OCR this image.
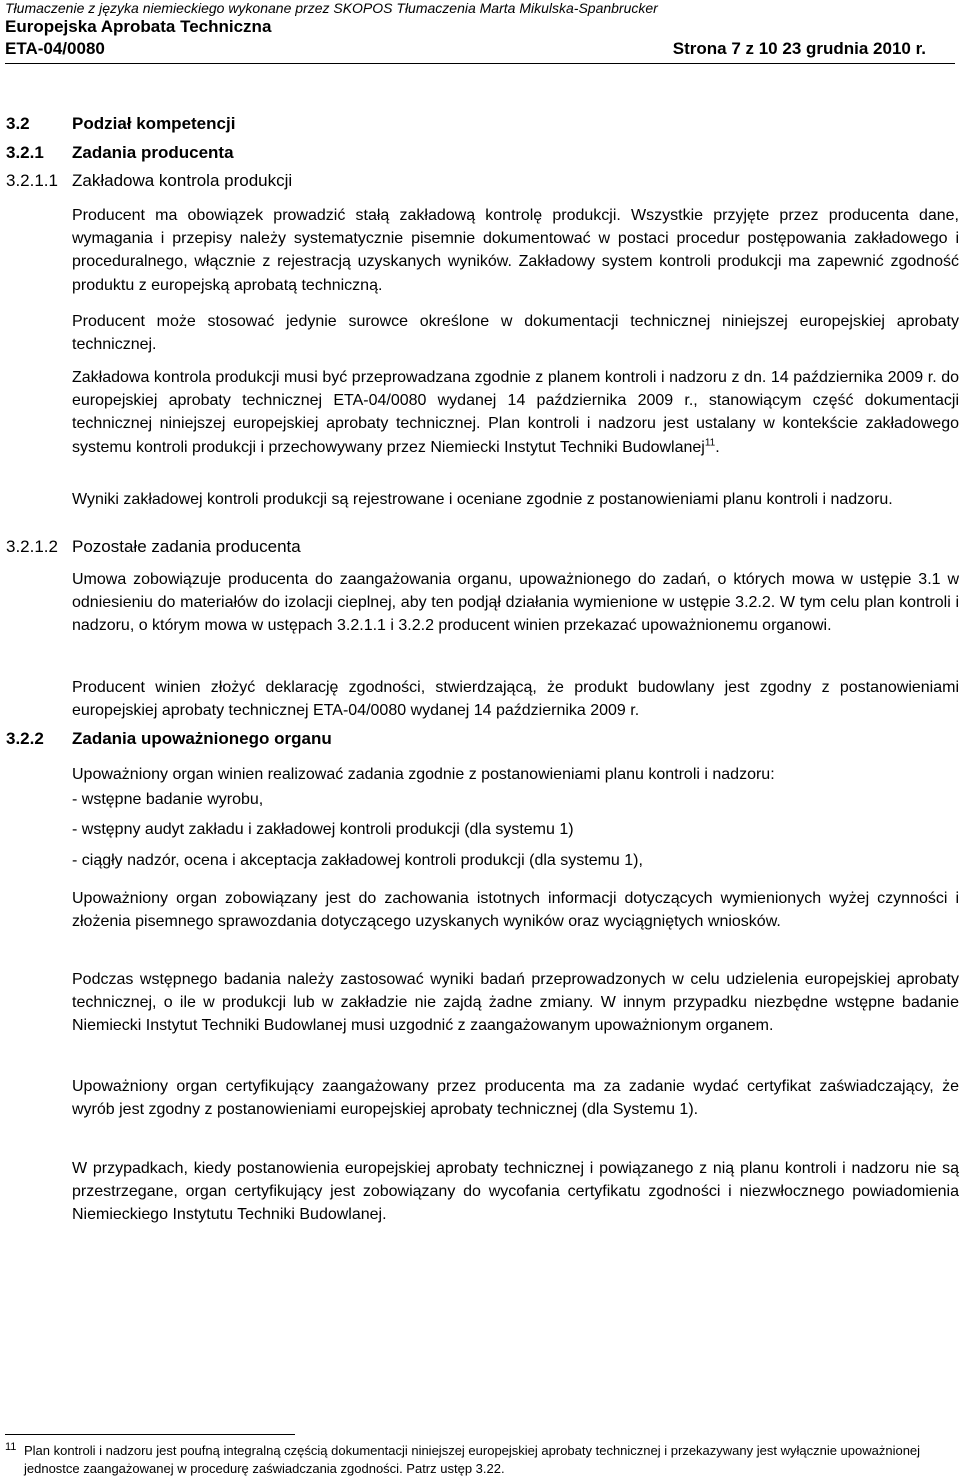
Tłumaczenie z języka niemieckiego wykonane przez SKOPOS Tłumaczenia Marta Mikulska-Spanbrucker
Europejska Aprobata Techniczna
ETA-04/0080	Strona 7 z 10 23 grudnia 2010 r.
3.2 Podział kompetencji
3.2.1 Zadania producenta
3.2.1.1 Zakładowa kontrola produkcji
Producent ma obowiązek prowadzić stałą zakładową kontrolę produkcji. Wszystkie przyjęte przez producenta dane, wymagania i przepisy należy systematycznie pisemnie dokumentować w postaci procedur postępowania zakładowego i proceduralnego, włącznie z rejestracją uzyskanych wyników. Zakładowy system kontroli produkcji ma zapewnić zgodność produktu z europejską aprobatą techniczną.
Producent może stosować jedynie surowce określone w dokumentacji technicznej niniejszej europejskiej aprobaty technicznej.
Zakładowa kontrola produkcji musi być przeprowadzana zgodnie z planem kontroli i nadzoru z dn. 14 października 2009 r. do europejskiej aprobaty technicznej ETA-04/0080 wydanej 14 października 2009 r., stanowiącym część dokumentacji technicznej niniejszej europejskiej aprobaty technicznej. Plan kontroli i nadzoru jest ustalany w kontekście zakładowego systemu kontroli produkcji i przechowywany przez Niemiecki Instytut Techniki Budowlanej$^{11}$.
Wyniki zakładowej kontroli produkcji są rejestrowane i oceniane zgodnie z postanowieniami planu kontroli i nadzoru.
3.2.1.2 Pozostałe zadania producenta
Umowa zobowiązuje producenta do zaangażowania organu, upoważnionego do zadań, o których mowa w ustępie 3.1 w odniesieniu do materiałów do izolacji cieplnej, aby ten podjął działania wymienione w ustępie 3.2.2. W tym celu plan kontroli i nadzoru, o którym mowa w ustępach 3.2.1.1 i 3.2.2 producent winien przekazać upoważnionemu organowi.
Producent winien złożyć deklarację zgodności, stwierdzającą, że produkt budowlany jest zgodny z postanowieniami europejskiej aprobaty technicznej ETA-04/0080 wydanej 14 października 2009 r.
3.2.2 Zadania upoważnionego organu
Upoważniony organ winien realizować zadania zgodnie z postanowieniami planu kontroli i nadzoru:
- wstępne badanie wyrobu,
- wstępny audyt zakładu i zakładowej kontroli produkcji (dla systemu 1)
- ciągły nadzór, ocena i akceptacja zakładowej kontroli produkcji (dla systemu 1),
Upoważniony organ zobowiązany jest do zachowania istotnych informacji dotyczących wymienionych wyżej czynności i złożenia pisemnego sprawozdania dotyczącego uzyskanych wyników oraz wyciągniętych wniosków.
Podczas wstępnego badania należy zastosować wyniki badań przeprowadzonych w celu udzielenia europejskiej aprobaty technicznej, o ile w produkcji lub w zakładzie nie zajdą żadne zmiany. W innym przypadku niezbędne wstępne badanie Niemiecki Instytut Techniki Budowlanej musi uzgodnić z zaangażowanym upoważnionym organem.
Upoważniony organ certyfikujący zaangażowany przez producenta ma za zadanie wydać certyfikat zaświadczający, że wyrób jest zgodny z postanowieniami europejskiej aprobaty technicznej (dla Systemu 1).
W przypadkach, kiedy postanowienia europejskiej aprobaty technicznej i powiązanego z nią planu kontroli i nadzoru nie są przestrzegane, organ certyfikujący jest zobowiązany do wycofania certyfikatu zgodności i niezwłocznego powiadomienia Niemieckiego Instytutu Techniki Budowlanej.
11 Plan kontroli i nadzoru jest poufną integralną częścią dokumentacji niniejszej europejskiej aprobaty technicznej i przekazywany jest wyłącznie upoważnionej jednostce zaangażowanej w procedurę zaświadczania zgodności. Patrz ustęp 3.22.
